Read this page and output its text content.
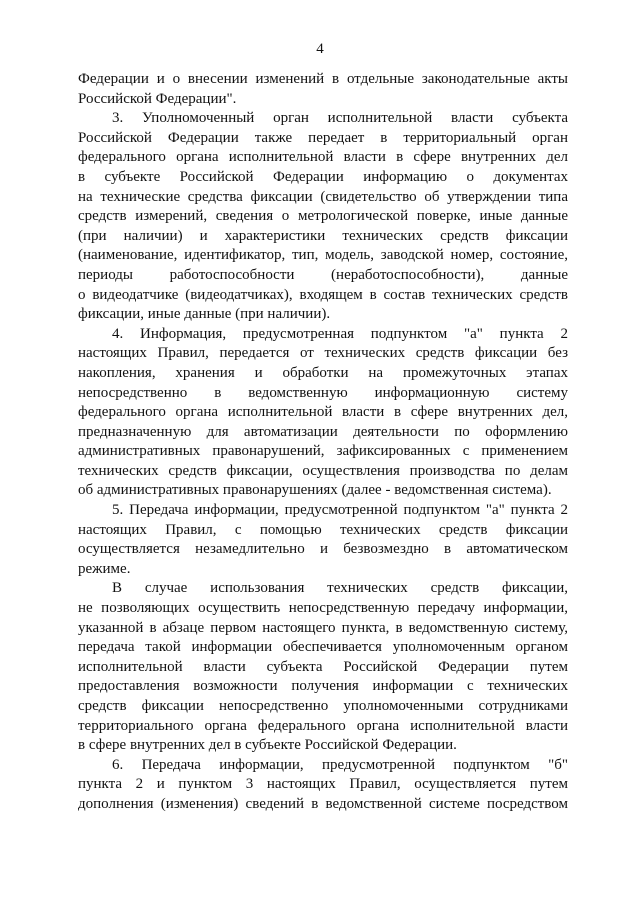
4
Федерации и о внесении изменений в отдельные законодательные акты
Российской Федерации".
3. Уполномоченный орган исполнительной власти субъекта
Российской Федерации также передает в территориальный орган
федерального органа исполнительной власти в сфере внутренних дел
в субъекте Российской Федерации информацию о документах
на технические средства фиксации (свидетельство об утверждении типа
средств измерений, сведения о метрологической поверке, иные данные
(при наличии) и характеристики технических средств фиксации
(наименование, идентификатор, тип, модель, заводской номер, состояние,
периоды работоспособности (неработоспособности), данные
о видеодатчике (видеодатчиках), входящем в состав технических средств
фиксации, иные данные (при наличии).
4. Информация, предусмотренная подпунктом "а" пункта 2
настоящих Правил, передается от технических средств фиксации без
накопления, хранения и обработки на промежуточных этапах
непосредственно в ведомственную информационную систему
федерального органа исполнительной власти в сфере внутренних дел,
предназначенную для автоматизации деятельности по оформлению
административных правонарушений, зафиксированных с применением
технических средств фиксации, осуществления производства по делам
об административных правонарушениях (далее - ведомственная система).
5. Передача информации, предусмотренной подпунктом "а" пункта 2
настоящих Правил, с помощью технических средств фиксации
осуществляется незамедлительно и безвозмездно в автоматическом
режиме.
В случае использования технических средств фиксации,
не позволяющих осуществить непосредственную передачу информации,
указанной в абзаце первом настоящего пункта, в ведомственную систему,
передача такой информации обеспечивается уполномоченным органом
исполнительной власти субъекта Российской Федерации путем
предоставления возможности получения информации с технических
средств фиксации непосредственно уполномоченными сотрудниками
территориального органа федерального органа исполнительной власти
в сфере внутренних дел в субъекте Российской Федерации.
6. Передача информации, предусмотренной подпунктом "б"
пункта 2 и пунктом 3 настоящих Правил, осуществляется путем
дополнения (изменения) сведений в ведомственной системе посредством
